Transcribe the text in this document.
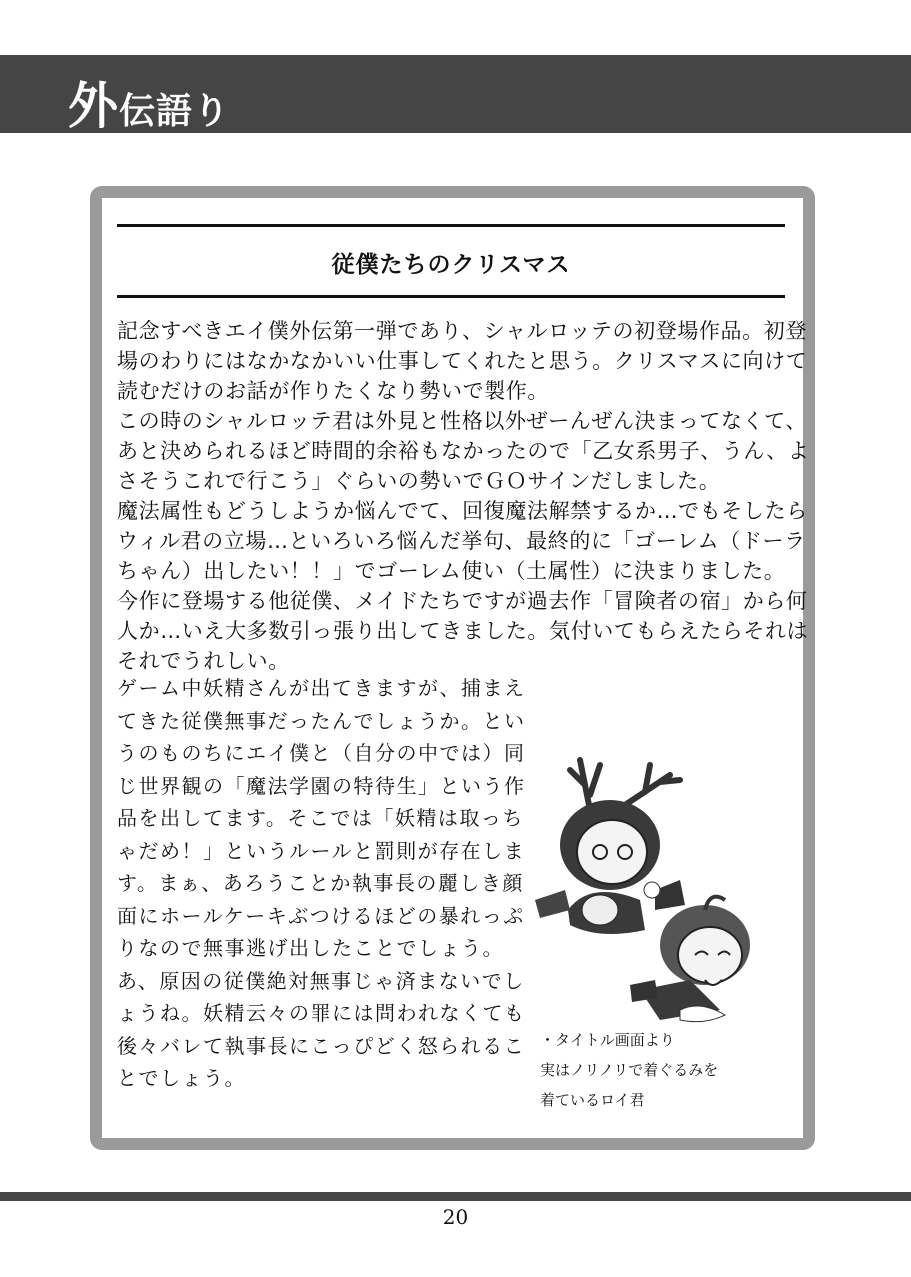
外伝語り
従僕たちのクリスマス
記念すべきエイ僕外伝第一弾であり、シャルロッテの初登場作品。初登
場のわりにはなかなかいい仕事してくれたと思う。クリスマスに向けて
読むだけのお話が作りたくなり勢いで製作。
この時のシャルロッテ君は外見と性格以外ぜーんぜん決まってなくて、
あと決められるほど時間的余裕もなかったので「乙女系男子、うん、よ
さそうこれで行こう」ぐらいの勢いでＧＯサインだしました。
魔法属性もどうしようか悩んでて、回復魔法解禁するか…でもそしたら
ウィル君の立場…といろいろ悩んだ挙句、最終的に「ゴーレム（ドーラ
ちゃん）出したい！！」でゴーレム使い（土属性）に決まりました。
今作に登場する他従僕、メイドたちですが過去作「冒険者の宿」から何
人か…いえ大多数引っ張り出してきました。気付いてもらえたらそれは
それでうれしい。
ゲーム中妖精さんが出てきますが、捕まえ
てきた従僕無事だったんでしょうか。とい
うのものちにエイ僕と（自分の中では）同
じ世界観の「魔法学園の特待生」という作
品を出してます。そこでは「妖精は取っち
ゃだめ！」というルールと罰則が存在しま
す。まぁ、あろうことか執事長の麗しき顔
面にホールケーキぶつけるほどの暴れっぷ
りなので無事逃げ出したことでしょう。
あ、原因の従僕絶対無事じゃ済まないでし
ょうね。妖精云々の罪には問われなくても
後々バレて執事長にこっぴどく怒られるこ
とでしょう。
・タイトル画面より
実はノリノリで着ぐるみを
着ているロイ君
20
